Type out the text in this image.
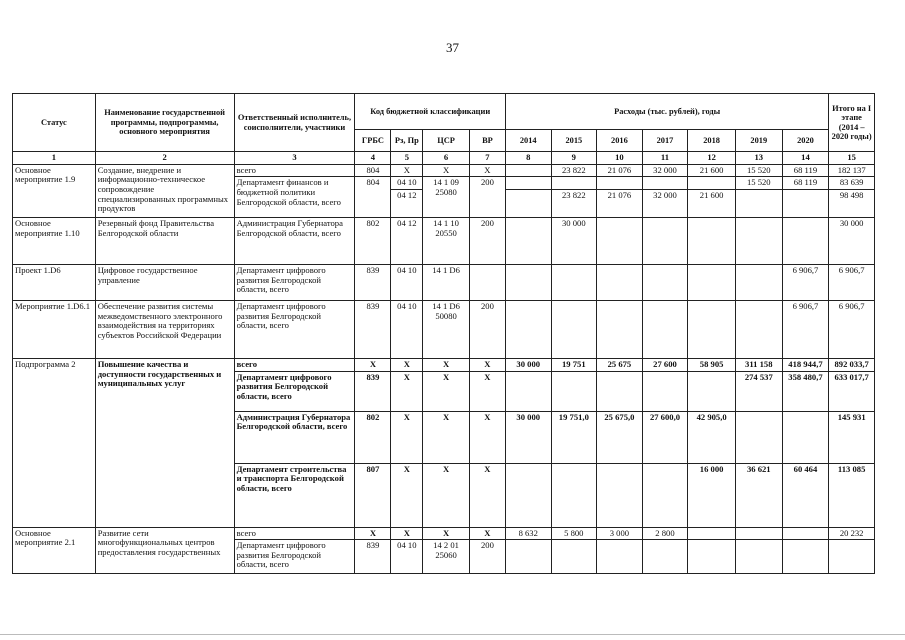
37
Статус	Наименование государственной программы, подпрограммы, основного мероприятия	Ответственный исполнитель, соисполнители, участники	Код бюджетной классификации				Расходы (тыс. рублей), годы							Итого на I этапе (2014 – 2020 годы)
			ГРБС	Рз, Пр	ЦСР	ВР	2014	2015	2016	2017	2018	2019	2020	
1	2	3	4	5	6	7	8	9	10	11	12	13	14	15
Основное мероприятие 1.9	Создание, внедрение и информационно-техническое сопровождение специализированных программных продуктов	всего	804	Х	Х	Х		23 822	21 076	32 000	21 600	15 520	68 119	182 137
		Департамент финансов и бюджетной политики Белгородской области, всего	804	04 10	14 1 09 25080	200						15 520	68 119	83 639
				04 12				23 822	21 076	32 000	21 600			98 498
Основное мероприятие 1.10	Резервный фонд Правительства Белгородской области	Администрация Губернатора Белгородской области, всего	802	04 12	14 1 10 20550	200		30 000						30 000
Проект 1.D6	Цифровое государственное управление	Департамент цифрового развития Белгородской области, всего	839	04 10	14 1 D6								6 906,7	6 906,7
Мероприятие 1.D6.1	Обеспечение развития системы межведомственного электронного взаимодействия на территориях субъектов Российской Федерации	Департамент цифрового развития Белгородской области, всего	839	04 10	14 1 D6 50080	200							6 906,7	6 906,7
Подпрограмма 2	Повышение качества и доступности государственных и муниципальных услуг	всего	Х	Х	Х	Х	30 000	19 751	25 675	27 600	58 905	311 158	418 944,7	892 033,7
		Департамент цифрового развития Белгородской области, всего	839	Х	Х	Х						274 537	358 480,7	633 017,7
		Администрация Губернатора Белгородской области, всего	802	Х	Х	Х	30 000	19 751,0	25 675,0	27 600,0	42 905,0			145 931
		Департамент строительства и транспорта Белгородской области, всего	807	Х	Х	Х					16 000	36 621	60 464	113 085
Основное мероприятие 2.1	Развитие сети многофункциональных центров предоставления государственных	всего	Х	Х	Х	Х	8 632	5 800	3 000	2 800				20 232
		Департамент цифрового развития Белгородской области, всего	839	04 10	14 2 01 25060	200								
